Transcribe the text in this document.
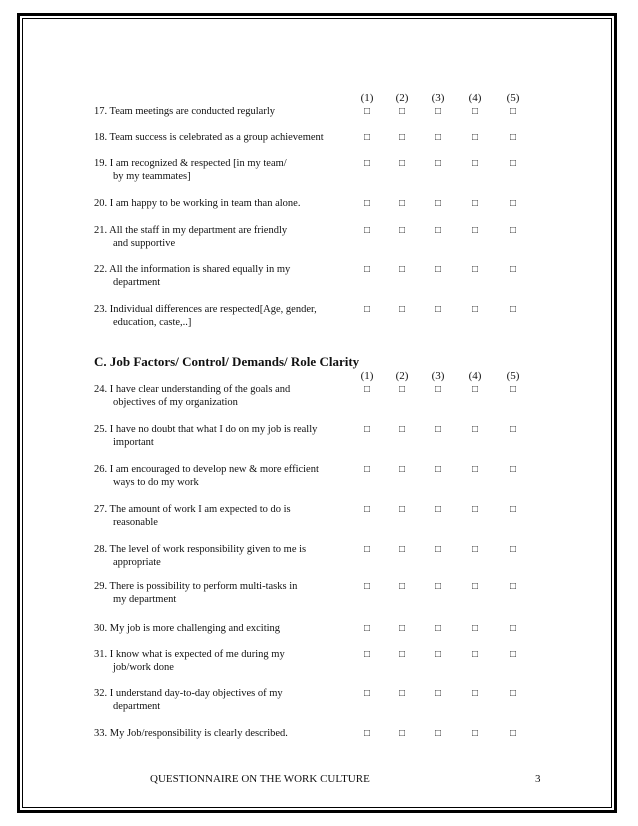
(1)	(2)	(3)	(4)	(5)
(1)	(2)	(3)	(4)	(5)
C. Job Factors/ Control/ Demands/ Role Clarity
17. Team meetings are conducted regularly	□	□	□	□	□
18. Team success is celebrated as a group achievement	□	□	□	□	□
19. I am recognized & respected [in my team/
by my teammates]
□	□	□	□	□
20. I am happy to be working in team than alone.	□	□	□	□	□
21. All the staff in my department are friendly
and supportive
□	□	□	□	□
22. All the information is shared equally in my
department
□	□	□	□	□
23. Individual differences are respected[Age, gender,
education, caste,..]
□	□	□	□	□
24. I have clear understanding of the goals and
objectives of my organization
□	□	□	□	□
25. I have no doubt that what I do on my job is really
important
□	□	□	□	□
26. I am encouraged to develop new & more efficient
ways to do my work
□	□	□	□	□
27. The amount of work I am expected to do is
reasonable
□	□	□	□	□
28. The level of work responsibility given to me is
appropriate
□	□	□	□	□
29. There is possibility to perform multi-tasks in
my department
□	□	□	□	□
30. My job is more challenging and exciting	□	□	□	□	□
31. I know what is expected of me during my
job/work done
□	□	□	□	□
32. I understand day-to-day objectives of my
department
□	□	□	□	□
33. My Job/responsibility is clearly described.	□	□	□	□	□
QUESTIONNAIRE ON THE WORK CULTURE	3
